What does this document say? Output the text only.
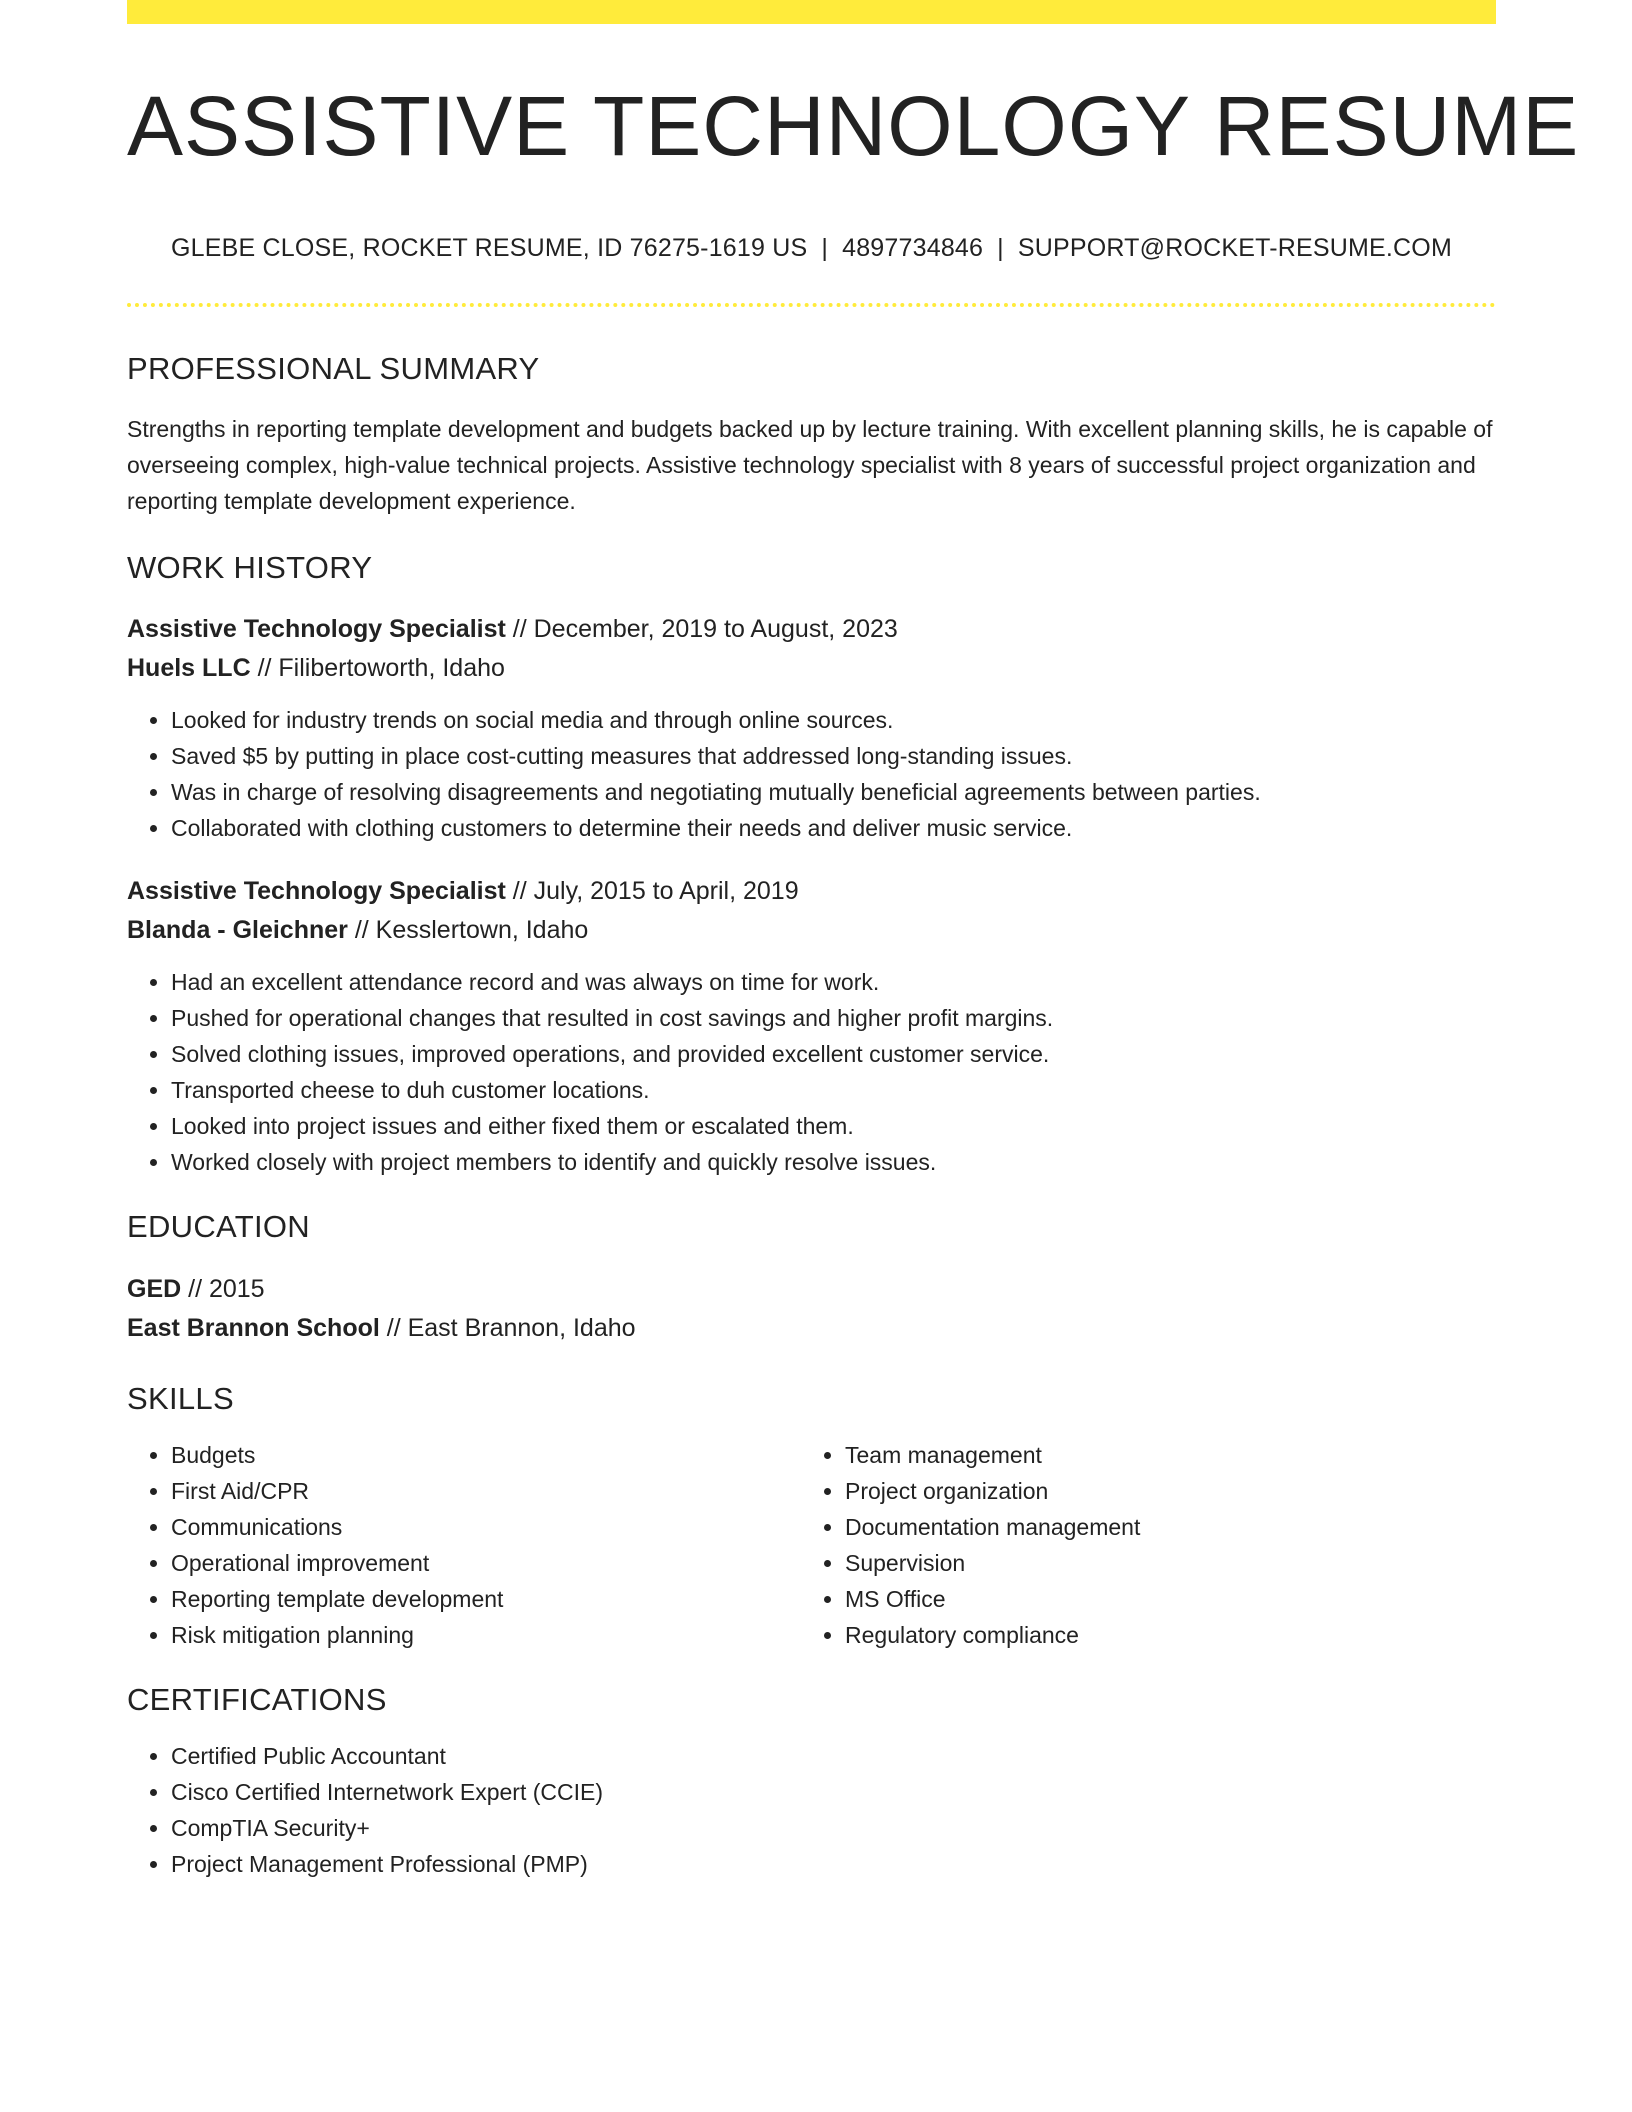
ASSISTIVE TECHNOLOGY RESUME
GLEBE CLOSE, ROCKET RESUME, ID 76275-1619 US | 4897734846 | SUPPORT@ROCKET-RESUME.COM
PROFESSIONAL SUMMARY

Strengths in reporting template development and budgets backed up by lecture training. With excellent planning skills, he is capable of overseeing complex, high-value technical projects. Assistive technology specialist with 8 years of successful project organization and reporting template development experience.

WORK HISTORY
Assistive Technology Specialist // December, 2019 to August, 2023
Huels LLC // Filibertoworth, Idaho
• Looked for industry trends on social media and through online sources.
• Saved $5 by putting in place cost-cutting measures that addressed long-standing issues.
• Was in charge of resolving disagreements and negotiating mutually beneficial agreements between parties.
• Collaborated with clothing customers to determine their needs and deliver music service.
Assistive Technology Specialist // July, 2015 to April, 2019
Blanda - Gleichner // Kesslertown, Idaho
• Had an excellent attendance record and was always on time for work.
• Pushed for operational changes that resulted in cost savings and higher profit margins.
• Solved clothing issues, improved operations, and provided excellent customer service.
• Transported cheese to duh customer locations.
• Looked into project issues and either fixed them or escalated them.
• Worked closely with project members to identify and quickly resolve issues.
EDUCATION
GED // 2015
East Brannon School // East Brannon, Idaho
SKILLS
• Budgets
• First Aid/CPR
• Communications
• Operational improvement
• Reporting template development
• Risk mitigation planning
• Team management
• Project organization
• Documentation management
• Supervision
• MS Office
• Regulatory compliance
CERTIFICATIONS
• Certified Public Accountant
• Cisco Certified Internetwork Expert (CCIE)
• CompTIA Security+
• Project Management Professional (PMP)
